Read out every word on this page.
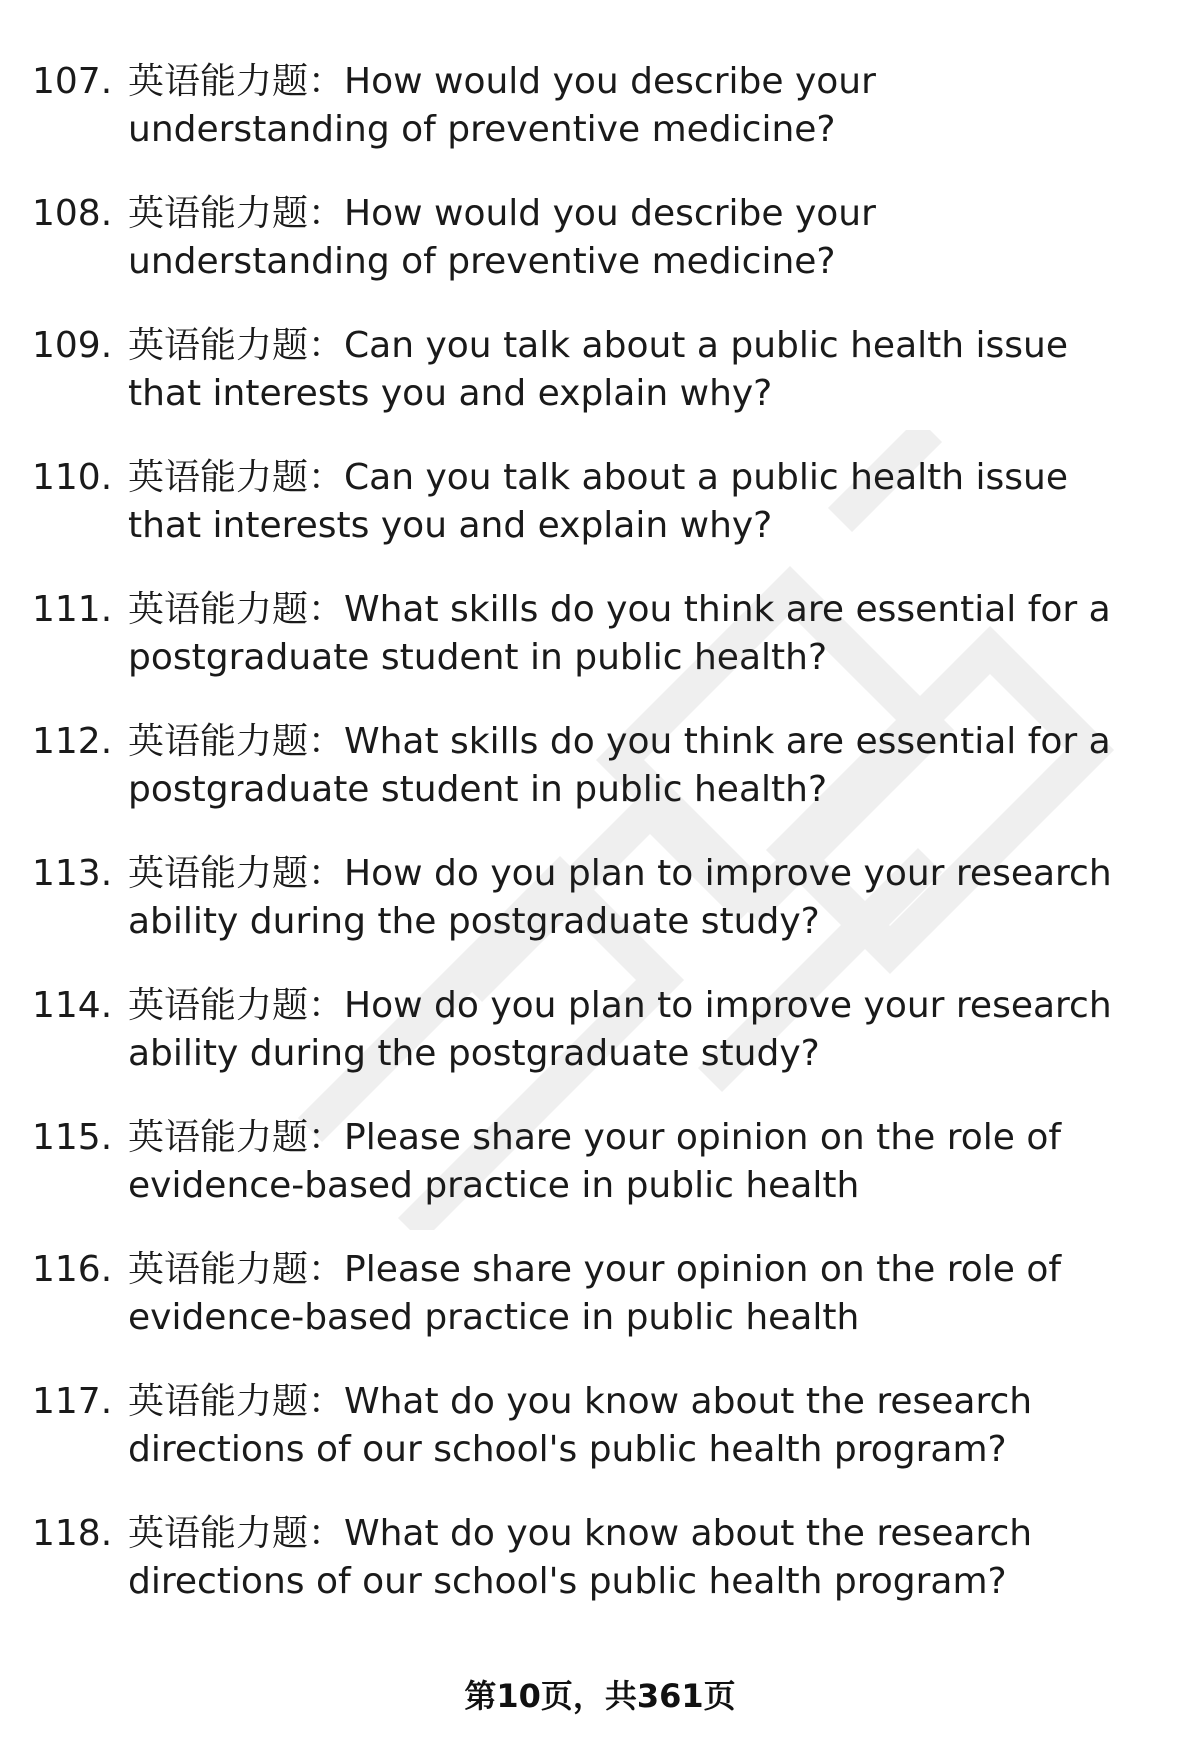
107. 英语能力题：How would you describe your understanding of preventive medicine?
108. 英语能力题：How would you describe your understanding of preventive medicine?
109. 英语能力题：Can you talk about a public health issue that interests you and explain why?
110. 英语能力题：Can you talk about a public health issue that interests you and explain why?
111. 英语能力题：What skills do you think are essential for a postgraduate student in public health?
112. 英语能力题：What skills do you think are essential for a postgraduate student in public health?
113. 英语能力题：How do you plan to improve your research ability during the postgraduate study?
114. 英语能力题：How do you plan to improve your research ability during the postgraduate study?
115. 英语能力题：Please share your opinion on the role of evidence-based practice in public health
116. 英语能力题：Please share your opinion on the role of evidence-based practice in public health
117. 英语能力题：What do you know about the research directions of our school's public health program?
118. 英语能力题：What do you know about the research directions of our school's public health program?
第10页，共361页
